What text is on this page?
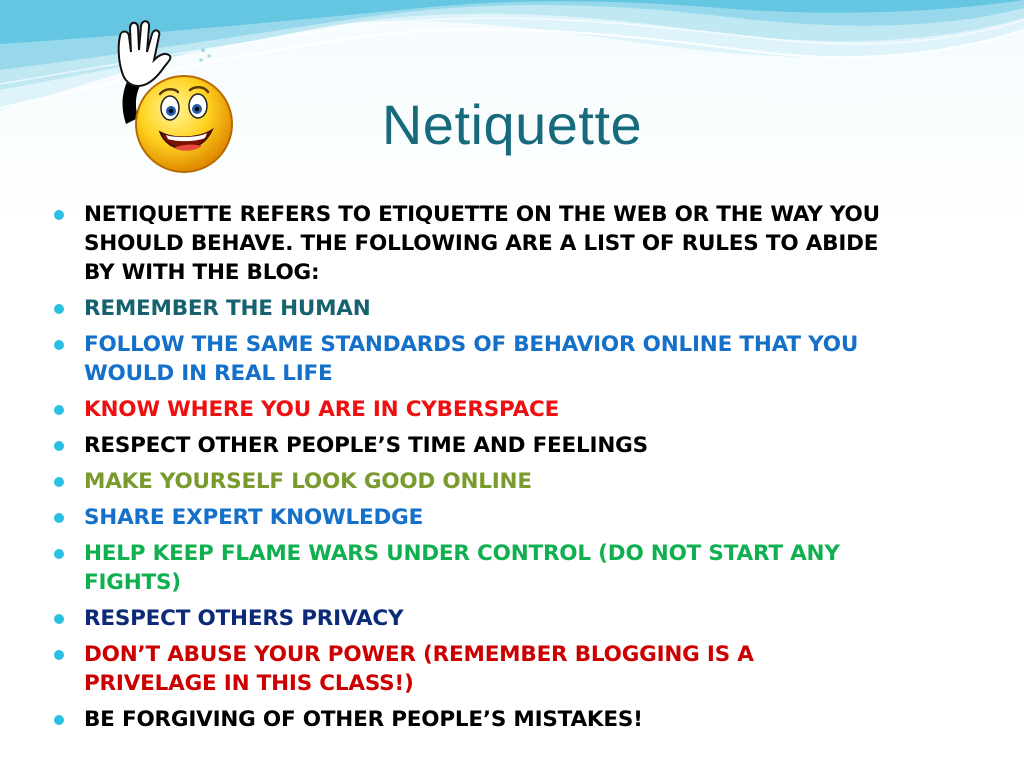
Netiquette
NETIQUETTE REFERS TO ETIQUETTE ON THE WEB OR THE WAY YOU SHOULD BEHAVE. THE FOLLOWING ARE A LIST OF RULES TO ABIDE BY WITH THE BLOG:
REMEMBER THE HUMAN
FOLLOW THE SAME STANDARDS OF BEHAVIOR ONLINE THAT YOU WOULD IN REAL LIFE
KNOW WHERE YOU ARE IN CYBERSPACE
RESPECT OTHER PEOPLE’S TIME AND FEELINGS
MAKE YOURSELF LOOK GOOD ONLINE
SHARE EXPERT KNOWLEDGE
HELP KEEP FLAME WARS UNDER CONTROL (DO NOT START ANY FIGHTS)
RESPECT OTHERS PRIVACY
DON’T ABUSE YOUR POWER (REMEMBER BLOGGING IS A PRIVELAGE IN THIS CLASS!)
BE FORGIVING OF OTHER PEOPLE’S MISTAKES!
